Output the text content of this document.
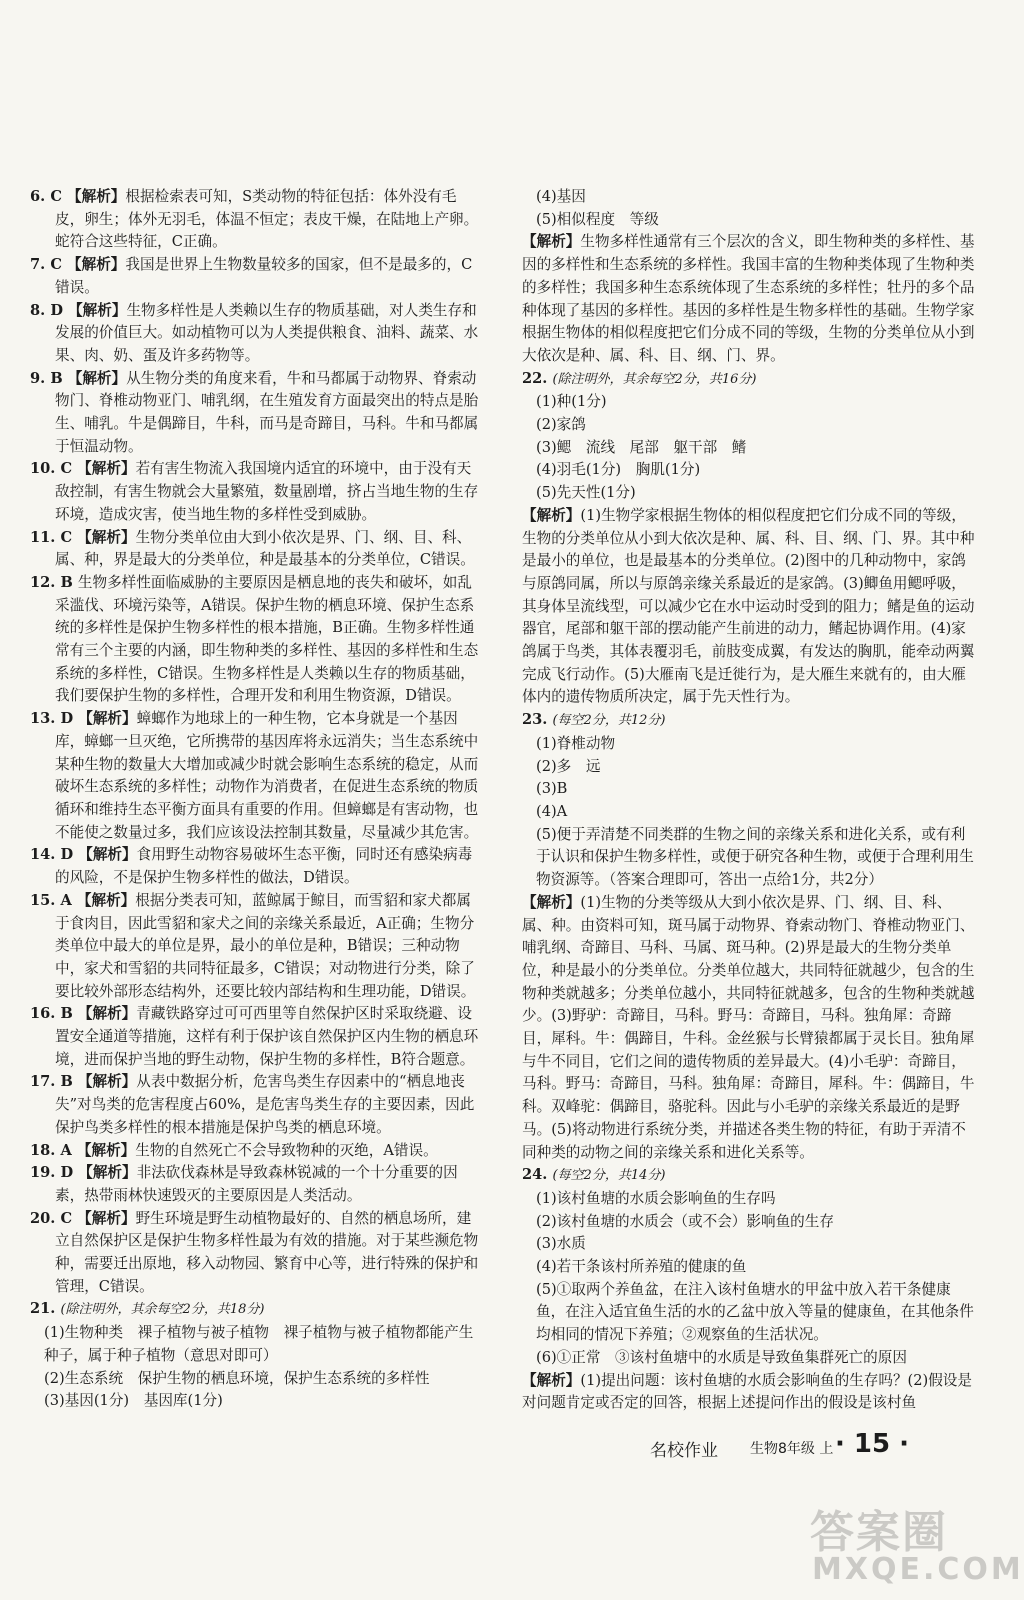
6. C 【解析】根据检索表可知，S类动物的特征包括：体外没有毛皮，卵生；体外无羽毛，体温不恒定；表皮干燥，在陆地上产卵。蛇符合这些特征，C正确。

7. C 【解析】我国是世界上生物数量较多的国家，但不是最多的，C错误。

8. D 【解析】生物多样性是人类赖以生存的物质基础，对人类生存和发展的价值巨大。如动植物可以为人类提供粮食、油料、蔬菜、水果、肉、奶、蛋及许多药物等。

9. B 【解析】从生物分类的角度来看，牛和马都属于动物界、脊索动物门、脊椎动物亚门、哺乳纲，在生殖发育方面最突出的特点是胎生、哺乳。牛是偶蹄目，牛科，而马是奇蹄目，马科。牛和马都属于恒温动物。

10. C 【解析】若有害生物流入我国境内适宜的环境中，由于没有天敌控制，有害生物就会大量繁殖，数量剧增，挤占当地生物的生存环境，造成灾害，使当地生物的多样性受到威胁。

11. C 【解析】生物分类单位由大到小依次是界、门、纲、目、科、属、种，界是最大的分类单位，种是最基本的分类单位，C错误。

12. B 生物多样性面临威胁的主要原因是栖息地的丧失和破坏，如乱采滥伐、环境污染等，A错误。保护生物的栖息环境、保护生态系统的多样性是保护生物多样性的根本措施，B正确。生物多样性通常有三个主要的内涵，即生物种类的多样性、基因的多样性和生态系统的多样性，C错误。生物多样性是人类赖以生存的物质基础，我们要保护生物的多样性，合理开发和利用生物资源，D错误。

13. D 【解析】蟑螂作为地球上的一种生物，它本身就是一个基因库，蟑螂一旦灭绝，它所携带的基因库将永远消失；当生态系统中某种生物的数量大大增加或减少时就会影响生态系统的稳定，从而破坏生态系统的多样性；动物作为消费者，在促进生态系统的物质循环和维持生态平衡方面具有重要的作用。但蟑螂是有害动物，也不能使之数量过多，我们应该设法控制其数量，尽量减少其危害。

14. D 【解析】食用野生动物容易破坏生态平衡，同时还有感染病毒的风险，不是保护生物多样性的做法，D错误。

15. A 【解析】根据分类表可知，蓝鲸属于鲸目，而雪貂和家犬都属于食肉目，因此雪貂和家犬之间的亲缘关系最近，A正确；生物分类单位中最大的单位是界，最小的单位是种，B错误；三种动物中，家犬和雪貂的共同特征最多，C错误；对动物进行分类，除了要比较外部形态结构外，还要比较内部结构和生理功能，D错误。

16. B 【解析】青藏铁路穿过可可西里等自然保护区时采取绕避、设置安全通道等措施，这样有利于保护该自然保护区内生物的栖息环境，进而保护当地的野生动物，保护生物的多样性，B符合题意。

17. B 【解析】从表中数据分析，危害鸟类生存因素中的“栖息地丧失”对鸟类的危害程度占60%，是危害鸟类生存的主要因素，因此保护鸟类多样性的根本措施是保护鸟类的栖息环境。

18. A 【解析】生物的自然死亡不会导致物种的灭绝，A错误。

19. D 【解析】非法砍伐森林是导致森林锐减的一个十分重要的因素，热带雨林快速毁灭的主要原因是人类活动。

20. C 【解析】野生环境是野生动植物最好的、自然的栖息场所，建立自然保护区是保护生物多样性最为有效的措施。对于某些濒危物种，需要迁出原地，移入动物园、繁育中心等，进行特殊的保护和管理，C错误。

21. (除注明外，其余每空2分，共18分)

(1)生物种类　裸子植物与被子植物　裸子植物与被子植物都能产生种子，属于种子植物（意思对即可）

(2)生态系统　保护生物的栖息环境，保护生态系统的多样性

(3)基因(1分)　基因库(1分)

(4)基因

(5)相似程度　等级

【解析】生物多样性通常有三个层次的含义，即生物种类的多样性、基因的多样性和生态系统的多样性。我国丰富的生物种类体现了生物种类的多样性；我国多种生态系统体现了生态系统的多样性；牡丹的多个品种体现了基因的多样性。基因的多样性是生物多样性的基础。生物学家根据生物体的相似程度把它们分成不同的等级，生物的分类单位从小到大依次是种、属、科、目、纲、门、界。

22. (除注明外，其余每空2分，共16分)

(1)种(1分)

(2)家鸽

(3)鳃　流线　尾部　躯干部　鳍

(4)羽毛(1分)　胸肌(1分)

(5)先天性(1分)

【解析】(1)生物学家根据生物体的相似程度把它们分成不同的等级，生物的分类单位从小到大依次是种、属、科、目、纲、门、界。其中种是最小的单位，也是最基本的分类单位。(2)图中的几种动物中，家鸽与原鸽同属，所以与原鸽亲缘关系最近的是家鸽。(3)鲫鱼用鳃呼吸，其身体呈流线型，可以减少它在水中运动时受到的阻力；鳍是鱼的运动器官，尾部和躯干部的摆动能产生前进的动力，鳍起协调作用。(4)家鸽属于鸟类，其体表覆羽毛，前肢变成翼，有发达的胸肌，能牵动两翼完成飞行动作。(5)大雁南飞是迁徙行为，是大雁生来就有的，由大雁体内的遗传物质所决定，属于先天性行为。

23. (每空2分，共12分)

(1)脊椎动物

(2)多　远

(3)B

(4)A

(5)便于弄清楚不同类群的生物之间的亲缘关系和进化关系，或有利于认识和保护生物多样性，或便于研究各种生物，或便于合理利用生物资源等。（答案合理即可，答出一点给1分，共2分）

【解析】(1)生物的分类等级从大到小依次是界、门、纲、目、科、属、种。由资料可知，斑马属于动物界、脊索动物门、脊椎动物亚门、哺乳纲、奇蹄目、马科、马属、斑马种。(2)界是最大的生物分类单位，种是最小的分类单位。分类单位越大，共同特征就越少，包含的生物种类就越多；分类单位越小，共同特征就越多，包含的生物种类就越少。(3)野驴：奇蹄目，马科。野马：奇蹄目，马科。独角犀：奇蹄目，犀科。牛：偶蹄目，牛科。金丝猴与长臂猿都属于灵长目。独角犀与牛不同目，它们之间的遗传物质的差异最大。(4)小毛驴：奇蹄目，马科。野马：奇蹄目，马科。独角犀：奇蹄目，犀科。牛：偶蹄目，牛科。双峰驼：偶蹄目，骆驼科。因此与小毛驴的亲缘关系最近的是野马。(5)将动物进行系统分类，并描述各类生物的特征，有助于弄清不同种类的动物之间的亲缘关系和进化关系等。

24. (每空2分，共14分)

(1)该村鱼塘的水质会影响鱼的生存吗

(2)该村鱼塘的水质会（或不会）影响鱼的生存

(3)水质

(4)若干条该村所养殖的健康的鱼

(5)①取两个养鱼盆，在注入该村鱼塘水的甲盆中放入若干条健康鱼，在注入适宜鱼生活的水的乙盆中放入等量的健康鱼，在其他条件均相同的情况下养殖；②观察鱼的生活状况。

(6)①正常　③该村鱼塘中的水质是导致鱼集群死亡的原因

【解析】(1)提出问题：该村鱼塘的水质会影响鱼的生存吗？(2)假设是对问题肯定或否定的回答，根据上述提问作出的假设是该村鱼

名校作业 生物8年级 上 · 15 ·
答案圈
MXQE.COM
